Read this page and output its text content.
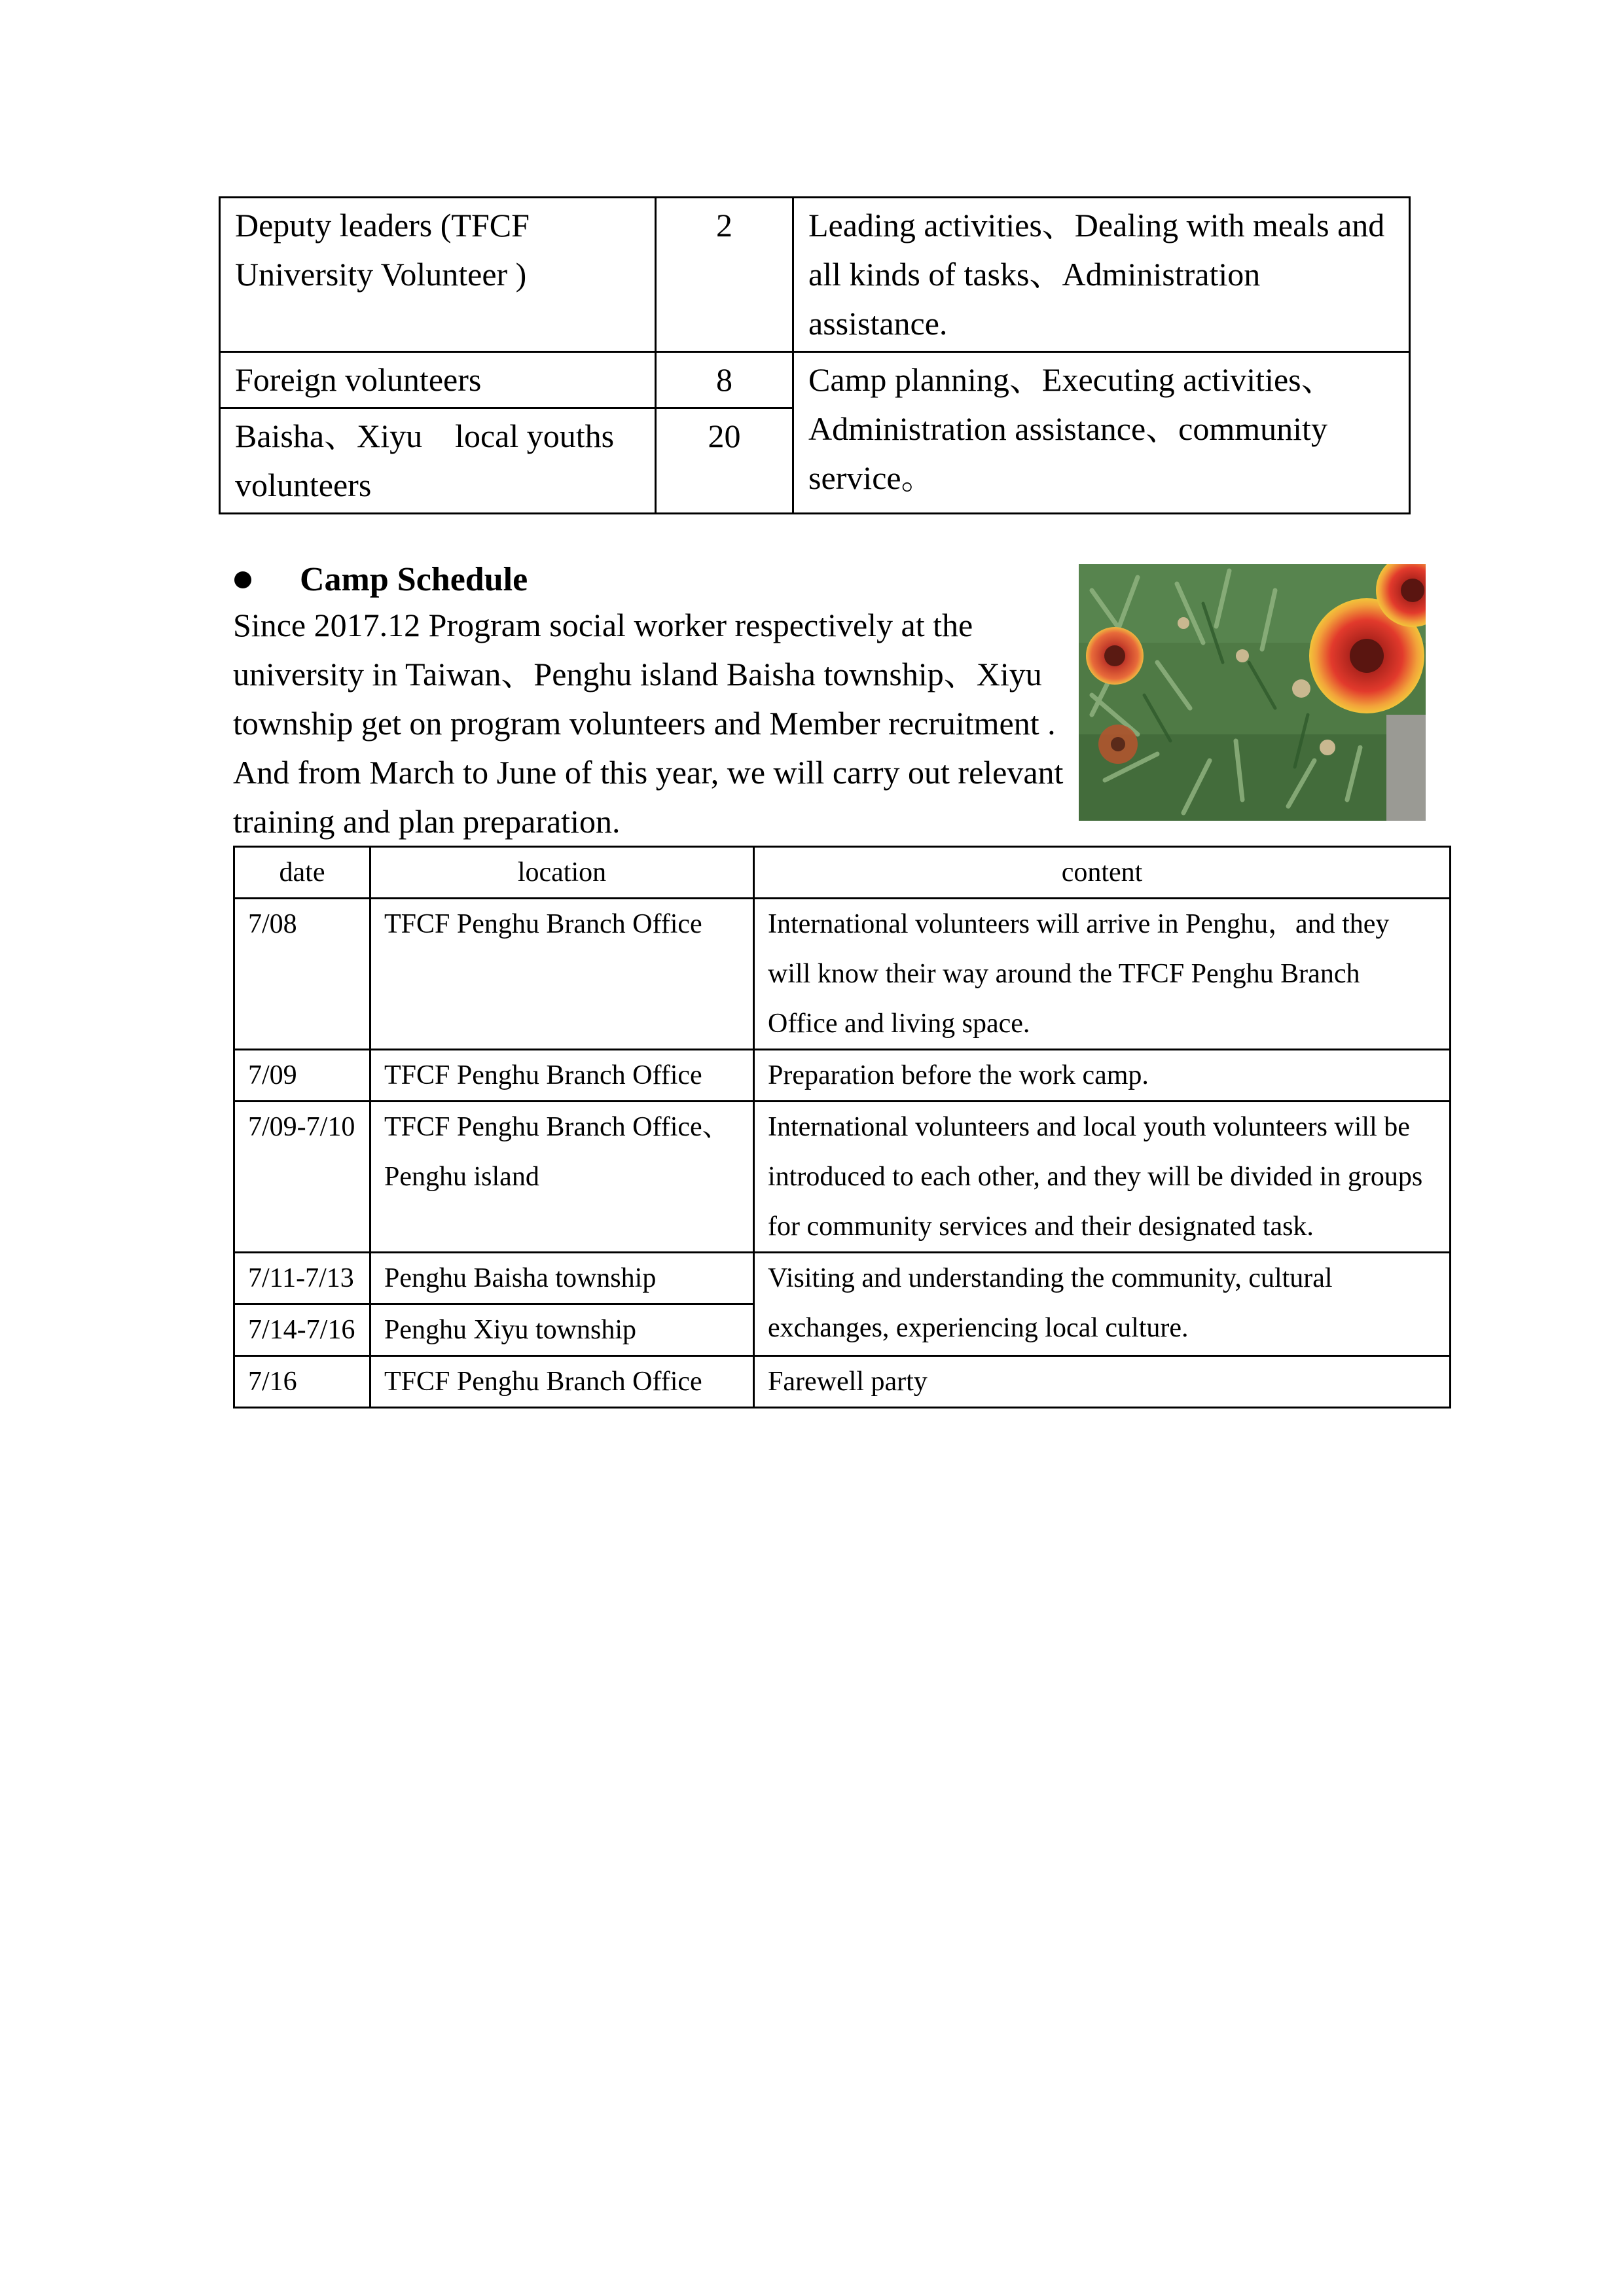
Deputy leaders (TFCF University Volunteer )	2	Leading activities、Dealing with meals and all kinds of tasks、Administration assistance.
Foreign volunteers	8	Camp planning、Executing activities、Administration assistance、community service。
Baisha、Xiyu　local youths volunteers	20	
Camp Schedule

Since 2017.12 Program social worker respectively at the university in Taiwan、Penghu island Baisha township、Xiyu township get on program volunteers and Member recruitment . And from March to June of this year, we will carry out relevant training and plan preparation.

date	location	content
7/08	TFCF Penghu Branch Office	International volunteers will arrive in Penghu，and they will know their way around the TFCF Penghu Branch Office and living space.
7/09	TFCF Penghu Branch Office	Preparation before the work camp.
7/09-7/10	TFCF Penghu Branch Office、Penghu island	International volunteers and local youth volunteers will be introduced to each other, and they will be divided in groups for community services and their designated task.
7/11-7/13	Penghu Baisha township	Visiting and understanding the community, cultural exchanges, experiencing local culture.
7/14-7/16	Penghu Xiyu township	
7/16	TFCF Penghu Branch Office	Farewell party
